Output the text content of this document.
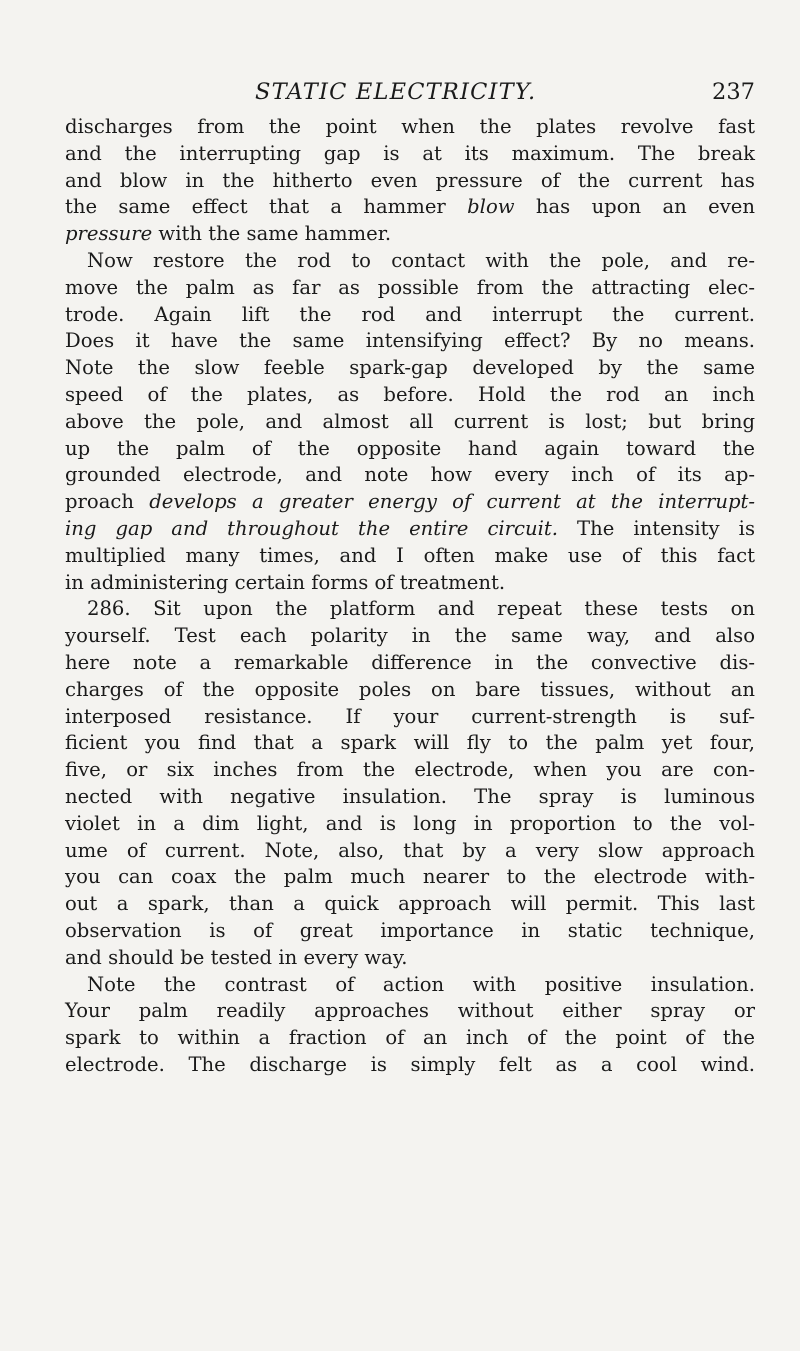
STATIC ELECTRICITY.	237
discharges from the point when the plates revolve fast
and the interrupting gap is at its maximum. The break
and blow in the hitherto even pressure of the current has
the same effect that a hammer blow has upon an even
pressure with the same hammer.
Now restore the rod to contact with the pole, and re-
move the palm as far as possible from the attracting elec-
trode. Again lift the rod and interrupt the current.
Does it have the same intensifying effect? By no means.
Note the slow feeble spark-gap developed by the same
speed of the plates, as before. Hold the rod an inch
above the pole, and almost all current is lost; but bring
up the palm of the opposite hand again toward the
grounded electrode, and note how every inch of its ap-
proach develops a greater energy of current at the interrupt-
ing gap and throughout the entire circuit. The intensity is
multiplied many times, and I often make use of this fact
in administering certain forms of treatment.
286. Sit upon the platform and repeat these tests on
yourself. Test each polarity in the same way, and also
here note a remarkable difference in the convective dis-
charges of the opposite poles on bare tissues, without an
interposed resistance. If your current-strength is suf-
ficient you find that a spark will fly to the palm yet four,
five, or six inches from the electrode, when you are con-
nected with negative insulation. The spray is luminous
violet in a dim light, and is long in proportion to the vol-
ume of current. Note, also, that by a very slow approach
you can coax the palm much nearer to the electrode with-
out a spark, than a quick approach will permit. This last
observation is of great importance in static technique,
and should be tested in every way.
Note the contrast of action with positive insulation.
Your palm readily approaches without either spray or
spark to within a fraction of an inch of the point of the
electrode. The discharge is simply felt as a cool wind.
